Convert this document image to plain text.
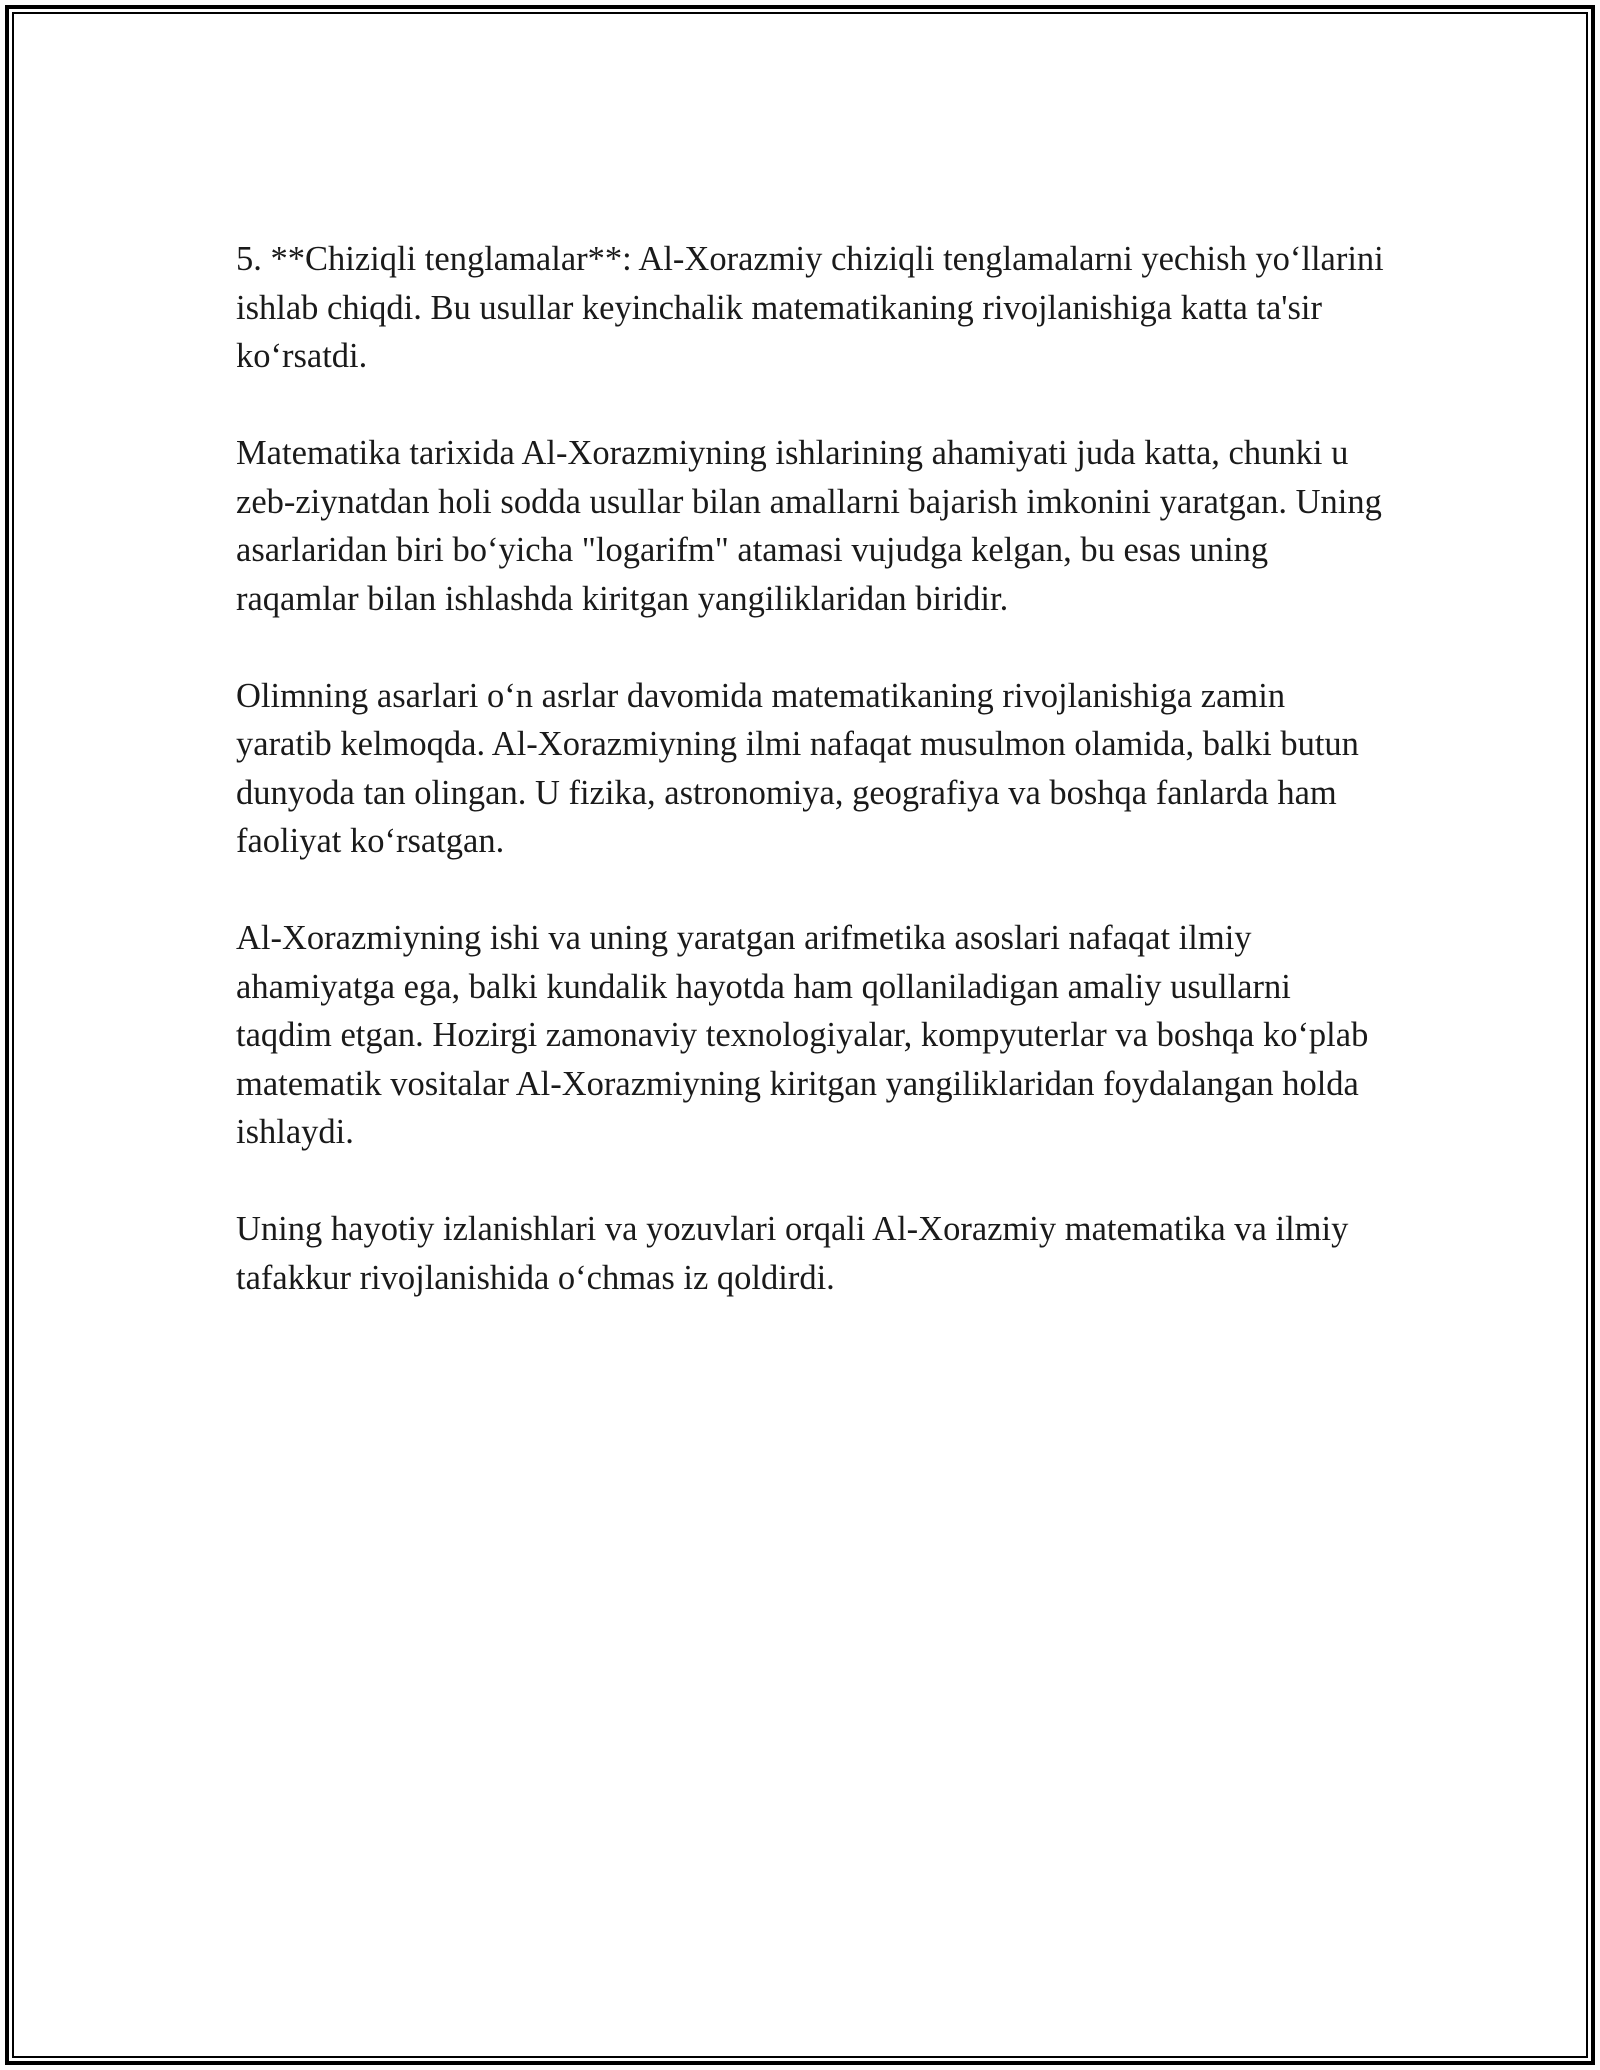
5. **Chiziqli tenglamalar**: Al-Xorazmiy chiziqli tenglamalarni yechish yo‘llarini ishlab chiqdi. Bu usullar keyinchalik matematikaning rivojlanishiga katta ta'sir ko‘rsatdi.

Matematika tarixida Al-Xorazmiyning ishlarining ahamiyati juda katta, chunki u zeb-ziynatdan holi sodda usullar bilan amallarni bajarish imkonini yaratgan. Uning asarlaridan biri bo‘yicha "logarifm" atamasi vujudga kelgan, bu esas uning raqamlar bilan ishlashda kiritgan yangiliklaridan biridir.

Olimning asarlari o‘n asrlar davomida matematikaning rivojlanishiga zamin yaratib kelmoqda. Al-Xorazmiyning ilmi nafaqat musulmon olamida, balki butun dunyoda tan olingan. U fizika, astronomiya, geografiya va boshqa fanlarda ham faoliyat ko‘rsatgan.

Al-Xorazmiyning ishi va uning yaratgan arifmetika asoslari nafaqat ilmiy ahamiyatga ega, balki kundalik hayotda ham qollaniladigan amaliy usullarni taqdim etgan. Hozirgi zamonaviy texnologiyalar, kompyuterlar va boshqa ko‘plab matematik vositalar Al-Xorazmiyning kiritgan yangiliklaridan foydalangan holda ishlaydi.

Uning hayotiy izlanishlari va yozuvlari orqali Al-Xorazmiy matematika va ilmiy tafakkur rivojlanishida o‘chmas iz qoldirdi.
